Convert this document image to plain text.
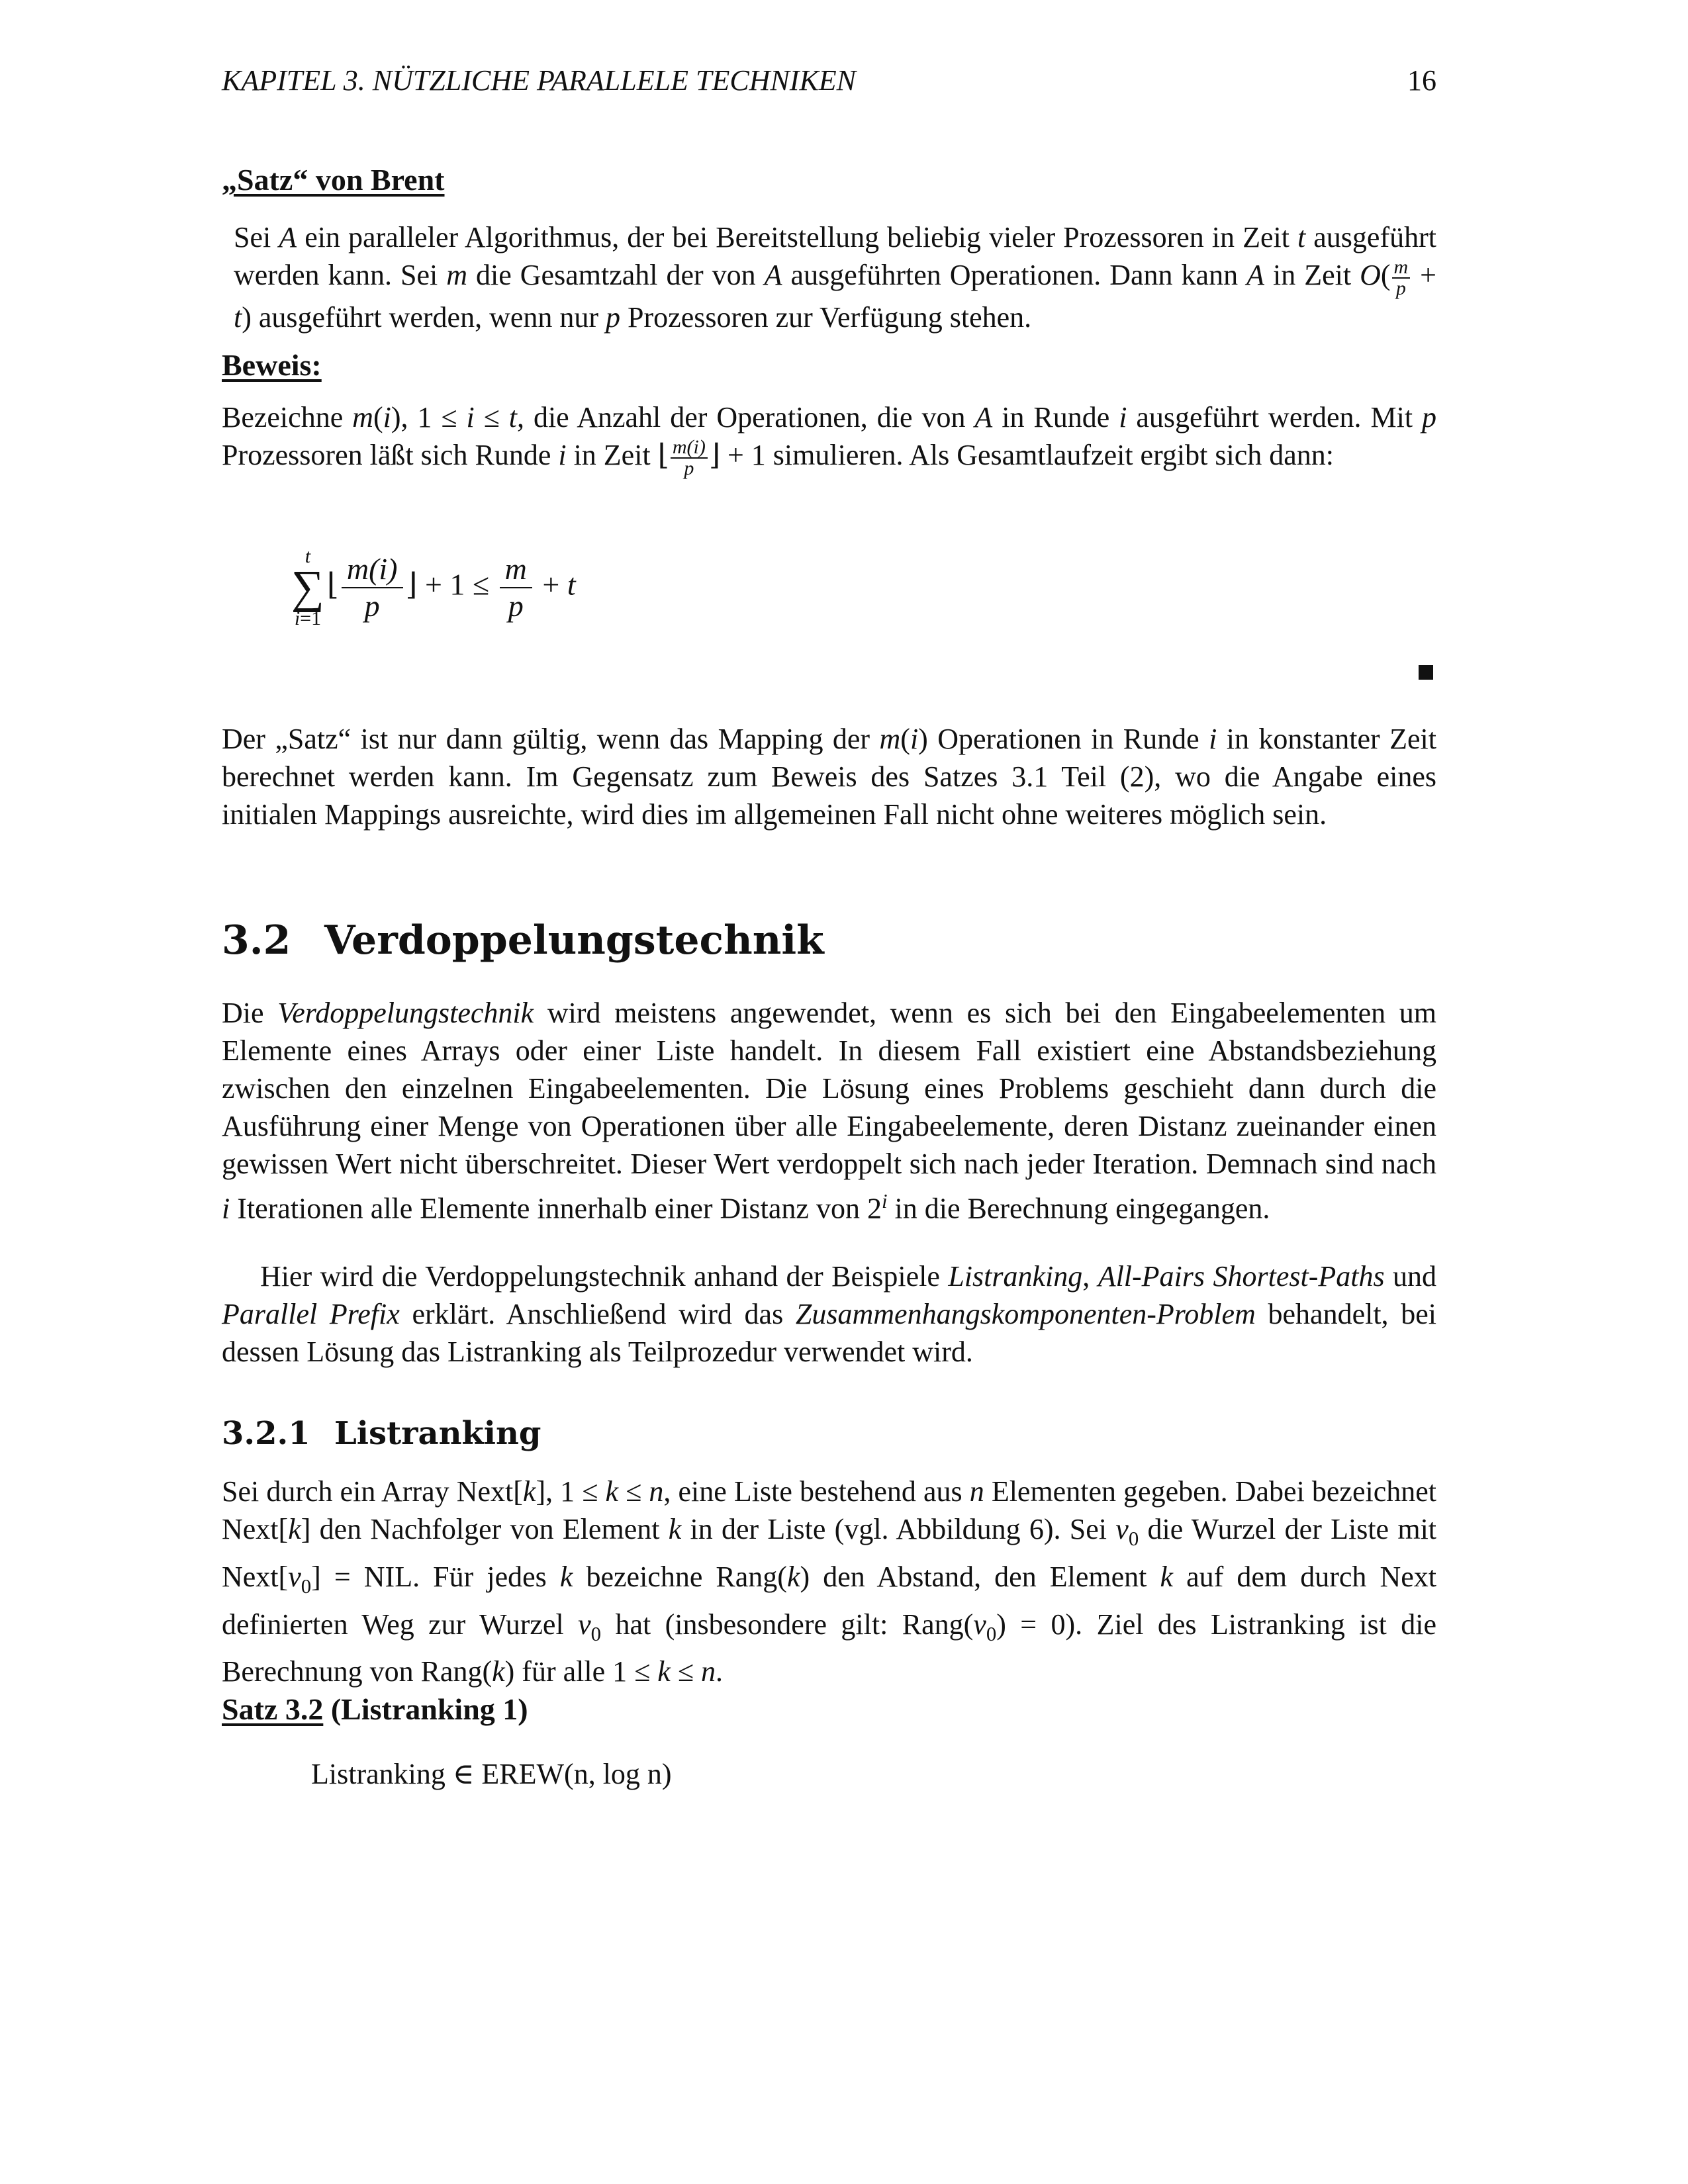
KAPITEL 3. NÜTZLICHE PARALLELE TECHNIKEN	16
„Satz“ von Brent
Sei A ein paralleler Algorithmus, der bei Bereitstellung beliebig vieler Prozessoren in Zeit t ausgeführt werden kann. Sei m die Gesamtzahl der von A ausgeführten Operationen. Dann kann A in Zeit $O( \frac{m}{p} + t)$ ausgeführt werden, wenn nur p Prozessoren zur Verfügung stehen.
Beweis:
Bezeichne m(i), 1 ≤ i ≤ t, die Anzahl der Operationen, die von A in Runde i ausgeführt werden. Mit p Prozessoren läßt sich Runde i in Zeit ⌊ $\frac{m(i)}{p}$ ⌋ + 1 simulieren. Als Gesamtlaufzeit ergibt sich dann:
t
∑
i=1⌊ $\frac{m(i)}{p}$ ⌋ + $1 \le \frac{m}{p} + t$
Der „Satz“ ist nur dann gültig, wenn das Mapping der m(i) Operationen in Runde i in konstanter Zeit berechnet werden kann. Im Gegensatz zum Beweis des Satzes 3.1 Teil (2), wo die Angabe eines initialen Mappings ausreichte, wird dies im allgemeinen Fall nicht ohne weiteres möglich sein.
3.2 Verdoppelungstechnik
Die Verdoppelungstechnik wird meistens angewendet, wenn es sich bei den Eingabeelementen um Elemente eines Arrays oder einer Liste handelt. In diesem Fall existiert eine Abstandsbeziehung zwischen den einzelnen Eingabeelementen. Die Lösung eines Problems geschieht dann durch die Ausführung einer Menge von Operationen über alle Eingabeelemente, deren Distanz zueinander einen gewissen Wert nicht überschreitet. Dieser Wert verdoppelt sich nach jeder Iteration. Demnach sind nach i Iterationen alle Elemente innerhalb einer Distanz von 2$^i$ in die Berechnung eingegangen.
Hier wird die Verdoppelungstechnik anhand der Beispiele Listranking, All-Pairs Shortest-Paths und Parallel Prefix erklärt. Anschließend wird das Zusammenhangskomponenten-Problem behandelt, bei dessen Lösung das Listranking als Teilprozedur verwendet wird.
3.2.1 Listranking
Sei durch ein Array Next[k], 1 ≤ k ≤ n, eine Liste bestehend aus n Elementen gegeben. Dabei bezeichnet Next[k] den Nachfolger von Element k in der Liste (vgl. Abbildung 6). Sei $v_0$ die Wurzel der Liste mit $Next[v_0]$ = NIL. Für jedes k bezeichne Rang(k) den Abstand, den Element k auf dem durch Next definierten Weg zur Wurzel $v_0$ hat (insbesondere gilt: $Rang(v_0) = 0$). Ziel des Listranking ist die Berechnung von Rang(k) für alle 1 ≤ k ≤ n.
Satz 3.2 (Listranking 1)
Listranking ∈ EREW(n, log n)
